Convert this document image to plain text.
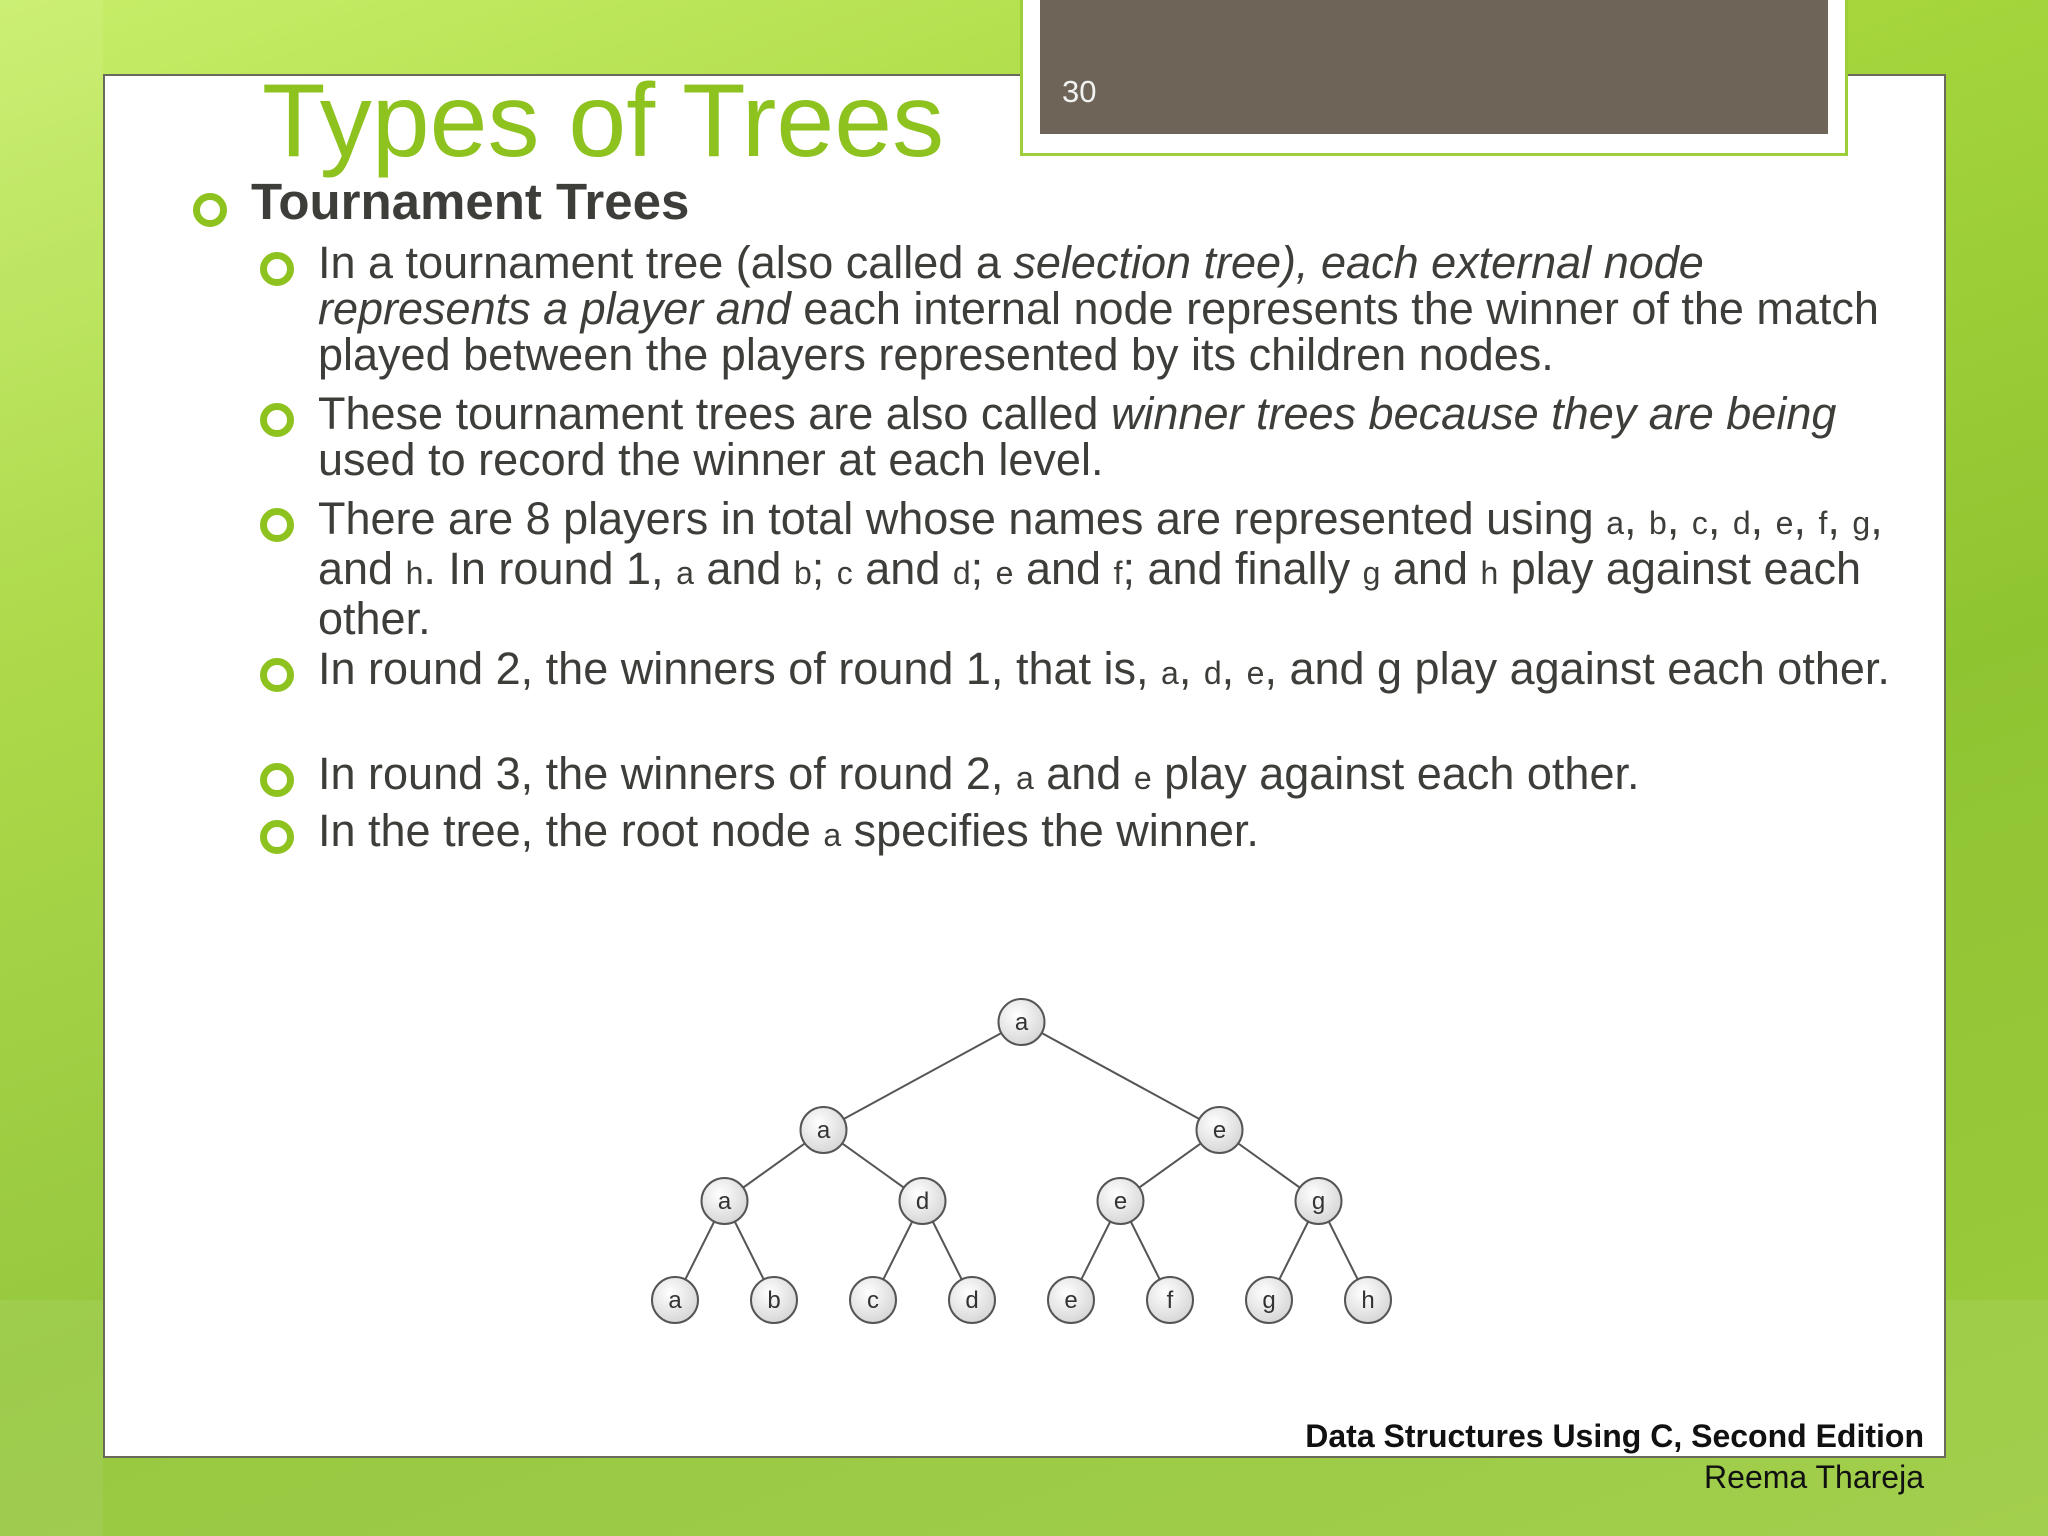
30
Types of Trees
Tournament Trees
In a tournament tree (also called a selection tree), each external node represents a player and each internal node represents the winner of the match played between the players represented by its children nodes.
These tournament trees are also called winner trees because they are being used to record the winner at each level.
There are 8 players in total whose names are represented using a, b, c, d, e, f, g, and h. In round 1, a and b; c and d; e and f; and finally g and h play against each other.
In round 2, the winners of round 1, that is, a, d, e, and g play against each other.
In round 3, the winners of round 2, a and e play against each other.
In the tree, the root node a specifies the winner.
a
a	e
a	d	e	g
a	b	c	d	e	f	g	h
Data Structures Using C, Second Edition
Reema Thareja
